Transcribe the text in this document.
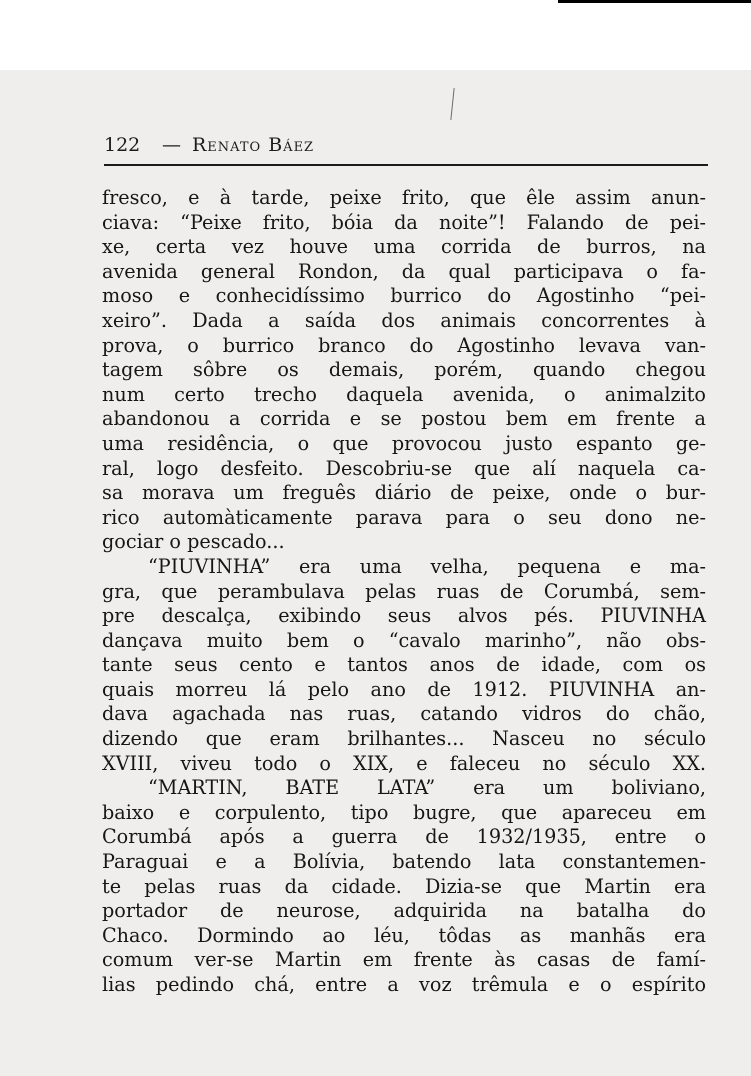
122 — Renato Báez
fresco, e à tarde, peixe frito, que êle assim anun-
ciava: “Peixe frito, bóia da noite”! Falando de pei-
xe, certa vez houve uma corrida de burros, na
avenida general Rondon, da qual participava o fa-
moso e conhecidíssimo burrico do Agostinho “pei-
xeiro”. Dada a saída dos animais concorrentes à
prova, o burrico branco do Agostinho levava van-
tagem sôbre os demais, porém, quando chegou
num certo trecho daquela avenida, o animalzito
abandonou a corrida e se postou bem em frente a
uma residência, o que provocou justo espanto ge-
ral, logo desfeito. Descobriu-se que alí naquela ca-
sa morava um freguês diário de peixe, onde o bur-
rico automàticamente parava para o seu dono ne-
gociar o pescado...
“PIUVINHA” era uma velha, pequena e ma-
gra, que perambulava pelas ruas de Corumbá, sem-
pre descalça, exibindo seus alvos pés. PIUVINHA
dançava muito bem o “cavalo marinho”, não obs-
tante seus cento e tantos anos de idade, com os
quais morreu lá pelo ano de 1912. PIUVINHA an-
dava agachada nas ruas, catando vidros do chão,
dizendo que eram brilhantes... Nasceu no século
XVIII, viveu todo o XIX, e faleceu no século XX.
“MARTIN, BATE LATA” era um boliviano,
baixo e corpulento, tipo bugre, que apareceu em
Corumbá após a guerra de 1932/1935, entre o
Paraguai e a Bolívia, batendo lata constantemen-
te pelas ruas da cidade. Dizia-se que Martin era
portador de neurose, adquirida na batalha do
Chaco. Dormindo ao léu, tôdas as manhãs era
comum ver-se Martin em frente às casas de famí-
lias pedindo chá, entre a voz trêmula e o espírito
